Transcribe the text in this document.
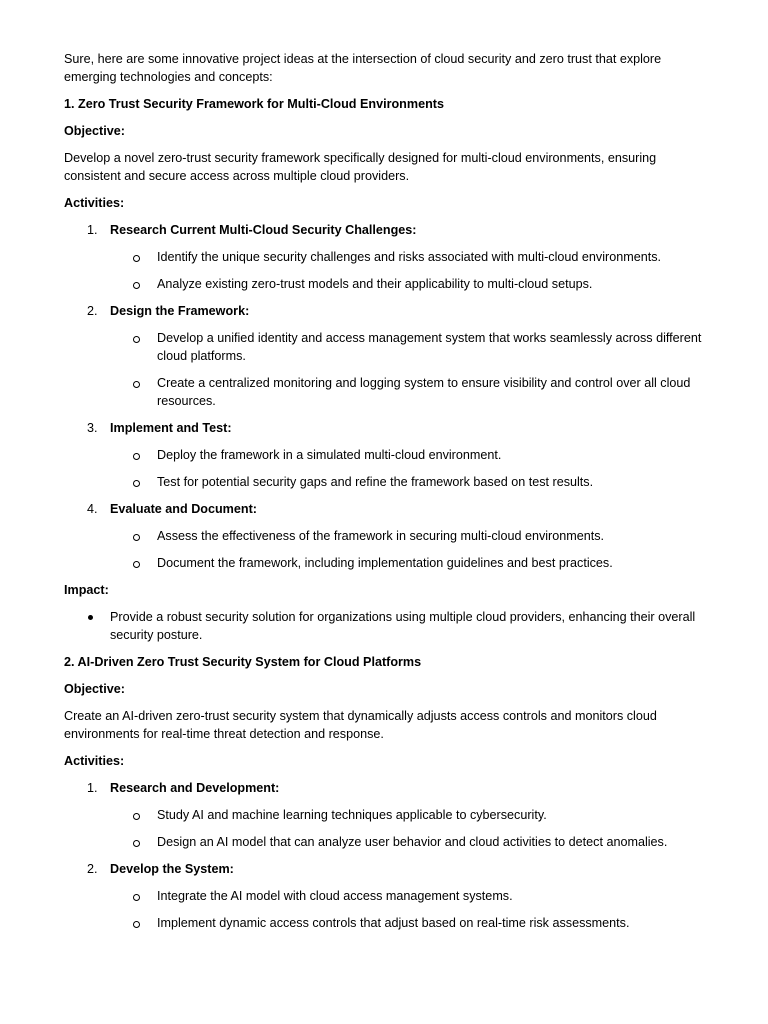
Sure, here are some innovative project ideas at the intersection of cloud security and zero trust that explore emerging technologies and concepts:

1. Zero Trust Security Framework for Multi-Cloud Environments

Objective:

Develop a novel zero-trust security framework specifically designed for multi-cloud environments, ensuring consistent and secure access across multiple cloud providers.

Activities:

1. Research Current Multi-Cloud Security Challenges:
Identify the unique security challenges and risks associated with multi-cloud environments.
Analyze existing zero-trust models and their applicability to multi-cloud setups.
2. Design the Framework:
Develop a unified identity and access management system that works seamlessly across different cloud platforms.
Create a centralized monitoring and logging system to ensure visibility and control over all cloud resources.
3. Implement and Test:
Deploy the framework in a simulated multi-cloud environment.
Test for potential security gaps and refine the framework based on test results.
4. Evaluate and Document:
Assess the effectiveness of the framework in securing multi-cloud environments.
Document the framework, including implementation guidelines and best practices.

Impact:

Provide a robust security solution for organizations using multiple cloud providers, enhancing their overall security posture.

2. AI-Driven Zero Trust Security System for Cloud Platforms

Objective:

Create an AI-driven zero-trust security system that dynamically adjusts access controls and monitors cloud environments for real-time threat detection and response.

Activities:

1. Research and Development:
Study AI and machine learning techniques applicable to cybersecurity.
Design an AI model that can analyze user behavior and cloud activities to detect anomalies.
2. Develop the System:
Integrate the AI model with cloud access management systems.
Implement dynamic access controls that adjust based on real-time risk assessments.
